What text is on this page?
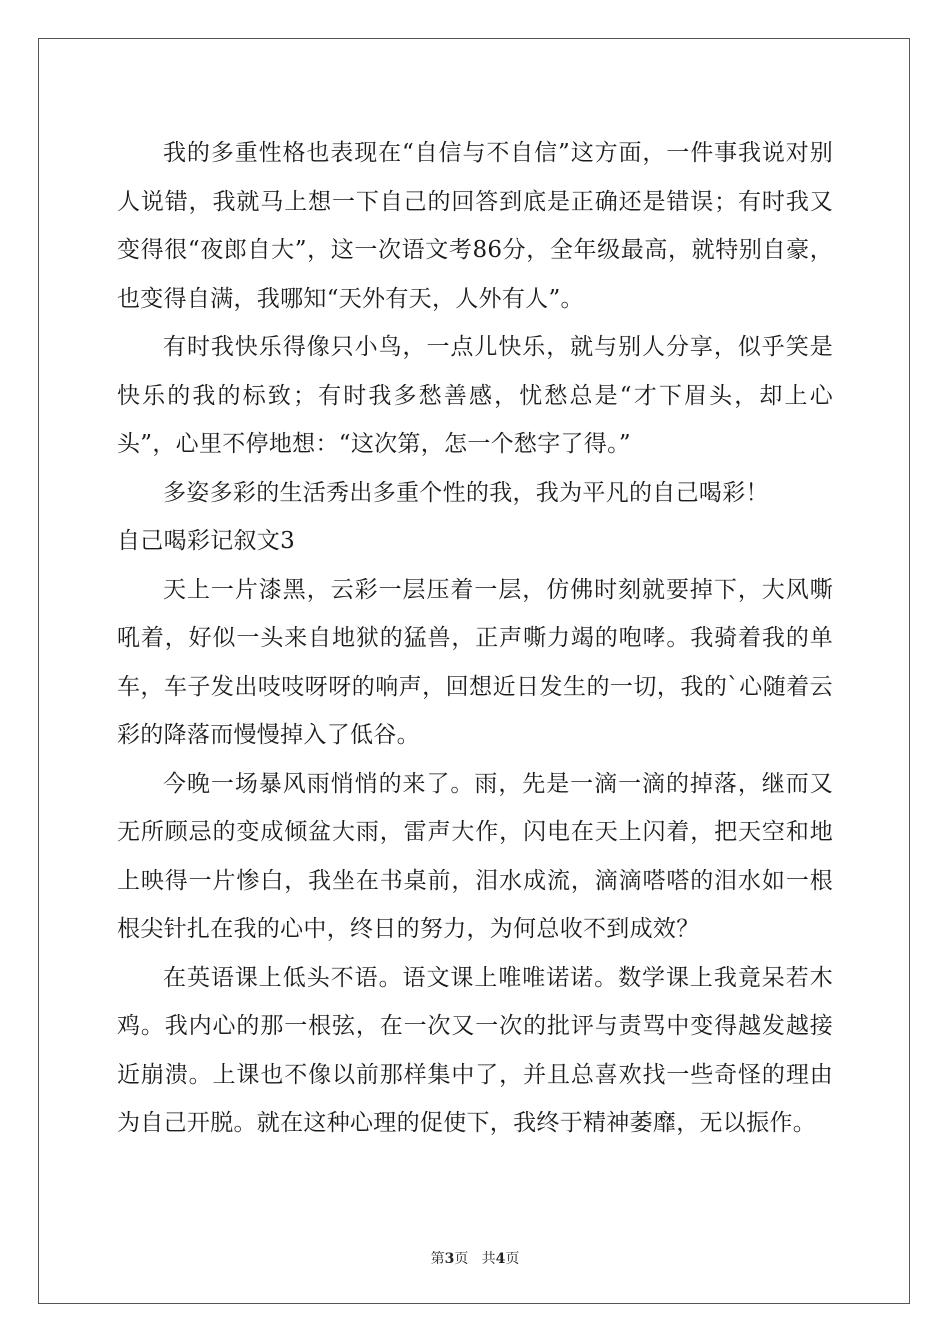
我的多重性格也表现在“自信与不自信”这方面，一件事我说对别人说错，我就马上想一下自己的回答到底是正确还是错误；有时我又变得很“夜郎自大”，这一次语文考86分，全年级最高，就特别自豪，也变得自满，我哪知“天外有天，人外有人”。

有时我快乐得像只小鸟，一点儿快乐，就与别人分享，似乎笑是快乐的我的标致；有时我多愁善感，忧愁总是“才下眉头，却上心头”，心里不停地想：“这次第，怎一个愁字了得。”

多姿多彩的生活秀出多重个性的我，我为平凡的自己喝彩！

自己喝彩记叙文3

天上一片漆黑，云彩一层压着一层，仿佛时刻就要掉下，大风嘶吼着，好似一头来自地狱的猛兽，正声嘶力竭的咆哮。我骑着我的单车，车子发出吱吱呀呀的响声，回想近日发生的一切，我的`心随着云彩的降落而慢慢掉入了低谷。

今晚一场暴风雨悄悄的来了。雨，先是一滴一滴的掉落，继而又无所顾忌的变成倾盆大雨，雷声大作，闪电在天上闪着，把天空和地上映得一片惨白，我坐在书桌前，泪水成流，滴滴嗒嗒的泪水如一根根尖针扎在我的心中，终日的努力，为何总收不到成效？

在英语课上低头不语。语文课上唯唯诺诺。数学课上我竟呆若木鸡。我内心的那一根弦，在一次又一次的批评与责骂中变得越发越接近崩溃。上课也不像以前那样集中了，并且总喜欢找一些奇怪的理由为自己开脱。就在这种心理的促使下，我终于精神萎靡，无以振作。

第3页 共4页
